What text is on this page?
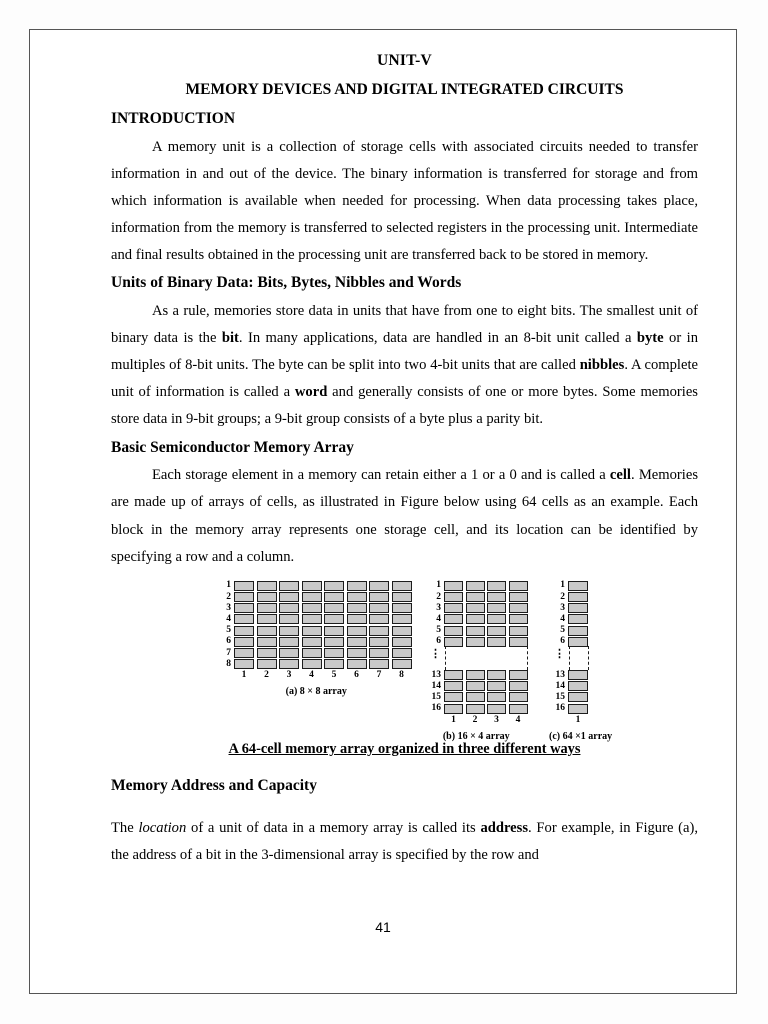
UNIT-V
MEMORY DEVICES AND DIGITAL INTEGRATED CIRCUITS
INTRODUCTION

A memory unit is a collection of storage cells with associated circuits needed to transfer information in and out of the device. The binary information is transferred for storage and from which information is available when needed for processing. When data processing takes place, information from the memory is transferred to selected registers in the processing unit. Intermediate and final results obtained in the processing unit are transferred back to be stored in memory.

Units of Binary Data: Bits, Bytes, Nibbles and Words

As a rule, memories store data in units that have from one to eight bits. The smallest unit of binary data is the bit. In many applications, data are handled in an 8-bit unit called a byte or in multiples of 8-bit units. The byte can be split into two 4-bit units that are called nibbles. A complete unit of information is called a word and generally consists of one or more bytes. Some memories store data in 9-bit groups; a 9-bit group consists of a byte plus a parity bit.

Basic Semiconductor Memory Array

Each storage element in a memory can retain either a 1 or a 0 and is called a cell. Memories are made up of arrays of cells, as illustrated in Figure below using 64 cells as an example. Each block in the memory array represents one storage cell, and its location can be identified by specifying a row and a column.

1
2
3
4
5
6
7
8
1	2	3	4	5	6	7	8
(a) 8 × 8 array
1
2
3
4
5
6
⋮
13
14
15
16
1	2	3	4
(b) 16 × 4 array
1
2
3
4
5
6
⋮
13
14
15
16
1
(c) 64 ×1 array
A 64-cell memory array organized in three different ways
Memory Address and Capacity

The location of a unit of data in a memory array is called its address. For example, in Figure (a), the address of a bit in the 3-dimensional array is specified by the row and

41
